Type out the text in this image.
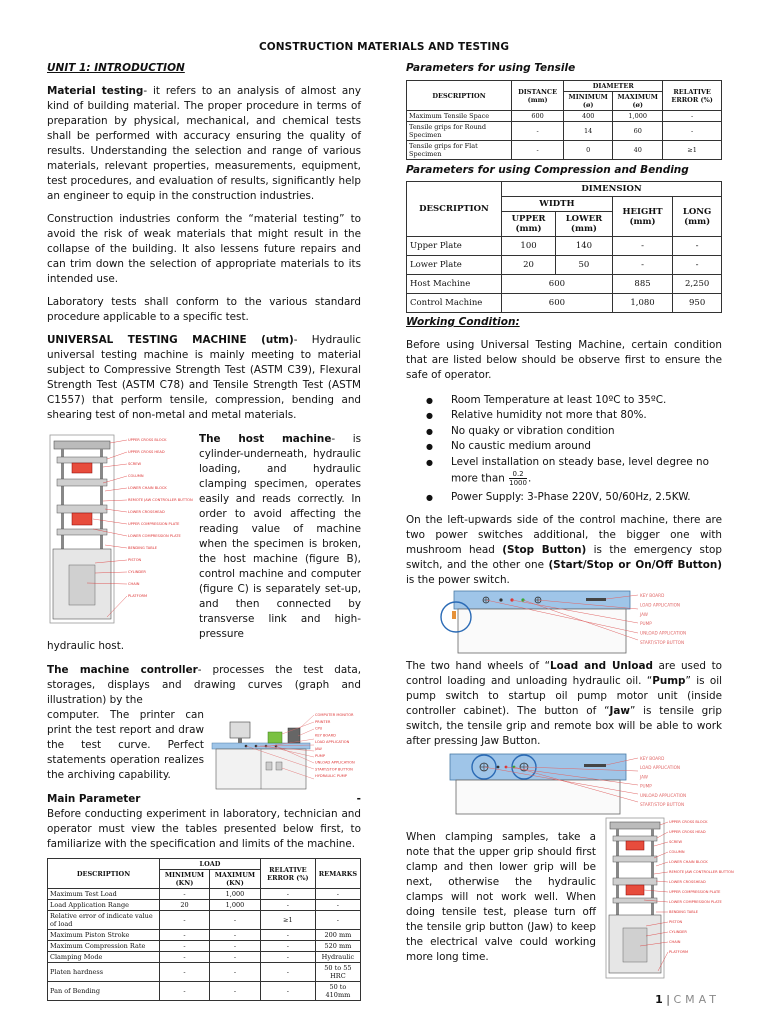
CONSTRUCTION MATERIALS AND TESTING
UNIT 1: INTRODUCTION

Material testing- it refers to an analysis of almost any kind of building material. The proper procedure in terms of preparation by physical, mechanical, and chemical tests shall be performed with accuracy ensuring the quality of results. Understanding the selection and range of various materials, relevant properties, measurements, equipment, test procedures, and evaluation of results, significantly help an engineer to equip in the construction industries.

Construction industries conform the “material testing” to avoid the risk of weak materials that might result in the collapse of the building. It also lessens future repairs and can trim down the selection of appropriate materials to its intended use.

Laboratory tests shall conform to the various standard procedure applicable to a specific test.

UNIVERSAL TESTING MACHINE (utm)- Hydraulic universal testing machine is mainly meeting to material subject to Compressive Strength Test (ASTM C39), Flexural Strength Test (ASTM C78) and Tensile Strength Test (ASTM C1557) that perform tensile, compression, bending and shearing test of non-metal and metal materials.

UPPER CROSS BLOCK
UPPER CROSS HEAD
SCREW
COLUMN
LOWER CHAIN BLOCK
REMOTE JAW CONTROLLER BUTTON
LOWER CROSSHEAD
UPPER COMPRESSION PLATE
LOWER COMPRESSION PLATE
BENDING TABLE
PISTON
CYLINDER
CHAIN
PLATFORM

The host machine- is cylinder-underneath, hydraulic loading, and hydraulic clamping specimen, operates easily and reads correctly. In order to avoid affecting the reading value of machine when the specimen is broken, the host machine (figure B), control machine and computer (figure C) is separately set-up, and then connected by transverse link and high-pressure

hydraulic host.

The machine controller- processes the test data, storages, displays and drawing curves (graph and illustration) by the

computer. The printer can print the test report and draw the test curve. Perfect statements operation realizes the archiving capability.

COMPUTER MONITOR
PRINTER
CPU
KEY BOARD
LOAD APPLICATION
JAW
PUMP
UNLOAD APPLICATION
START/STOP BUTTON
HYDRAULIC PUMP

Main Parameter	-

Before conducting experiment in laboratory, technician and operator must view the tables presented below first, to familiarize with the specification and limits of the machine.

DESCRIPTION	LOAD		RELATIVE ERROR (%)	REMARKS
	MINIMUM (KN)	MAXIMUM (KN)		
Maximum Test Load	-	1,000	-	-
Load Application Range	20	1,000	-	-
Relative error of indicate value of load	-	-	≥1	-
Maximum Piston Stroke	-	-	-	200 mm
Maximum Compression Rate	-	-	-	520 mm
Clamping Mode	-	-	-	Hydraulic
Platen hardness	-	-	-	50 to 55 HRC
Pan of Bending	-	-	-	50 to 410mm
Parameters for using Tensile
DESCRIPTION	DISTANCE (mm)	DIAMETER		RELATIVE ERROR (%)
		MINIMUM (ø)	MAXIMUM (ø)	
Maximum Tensile Space	600	400	1,000	-
Tensile grips for Round Specimen	-	14	60	-
Tensile grips for Flat Specimen	-	0	40	≥1
Parameters for using Compression and Bending
DESCRIPTION	DIMENSION			
	WIDTH		HEIGHT (mm)	LONG (mm)
	UPPER (mm)	LOWER (mm)		
Upper Plate	100	140	-	-
Lower Plate	20	50	-	-
Host Machine	600		885	2,250
Control Machine	600		1,080	950
Working Condition:

Before using Universal Testing Machine, certain condition that are listed below should be observe first to ensure the safe of operator.

● Room Temperature at least 10ºC to 35ºC.
● Relative humidity not more that 80%.
● No quaky or vibration condition
● No caustic medium around
● Level installation on steady base, level degree no
more than $\frac{0.2}{1000}$ .
● Power Supply: 3-Phase 220V, 50/60Hz, 2.5KW.

On the left-upwards side of the control machine, there are two power switches additional, the bigger one with mushroom head (Stop Button) is the emergency stop switch, and the other one (Start/Stop or On/Off Button) is the power switch.

KEY BOARD
LOAD APPLICATION
JAW
PUMP
UNLOAD APPLICATION
START/STOP BUTTON

The two hand wheels of “Load and Unload are used to control loading and unloading hydraulic oil. “Pump” is oil pump switch to startup oil pump motor unit (inside controller cabinet). The button of “Jaw” is tensile grip switch, the tensile grip and remote box will be able to work after pressing Jaw Button.

KEY BOARD
LOAD APPLICATION
JAW
PUMP
UNLOAD APPLICATION
START/STOP BUTTON

When clamping samples, take a note that the upper grip should first clamp and then lower grip will be next, otherwise the hydraulic clamps will not work well. When doing tensile test, please turn off the tensile grip button (Jaw) to keep the electrical valve could working more long time.

UPPER CROSS BLOCK
UPPER CROSS HEAD
SCREW
COLUMN
LOWER CHAIN BLOCK
REMOTE JAW CONTROLLER BUTTON
LOWER CROSSHEAD
UPPER COMPRESSION PLATE
LOWER COMPRESSION PLATE
BENDING TABLE
PISTON
CYLINDER
CHAIN
PLATFORM
1 | CMAT
